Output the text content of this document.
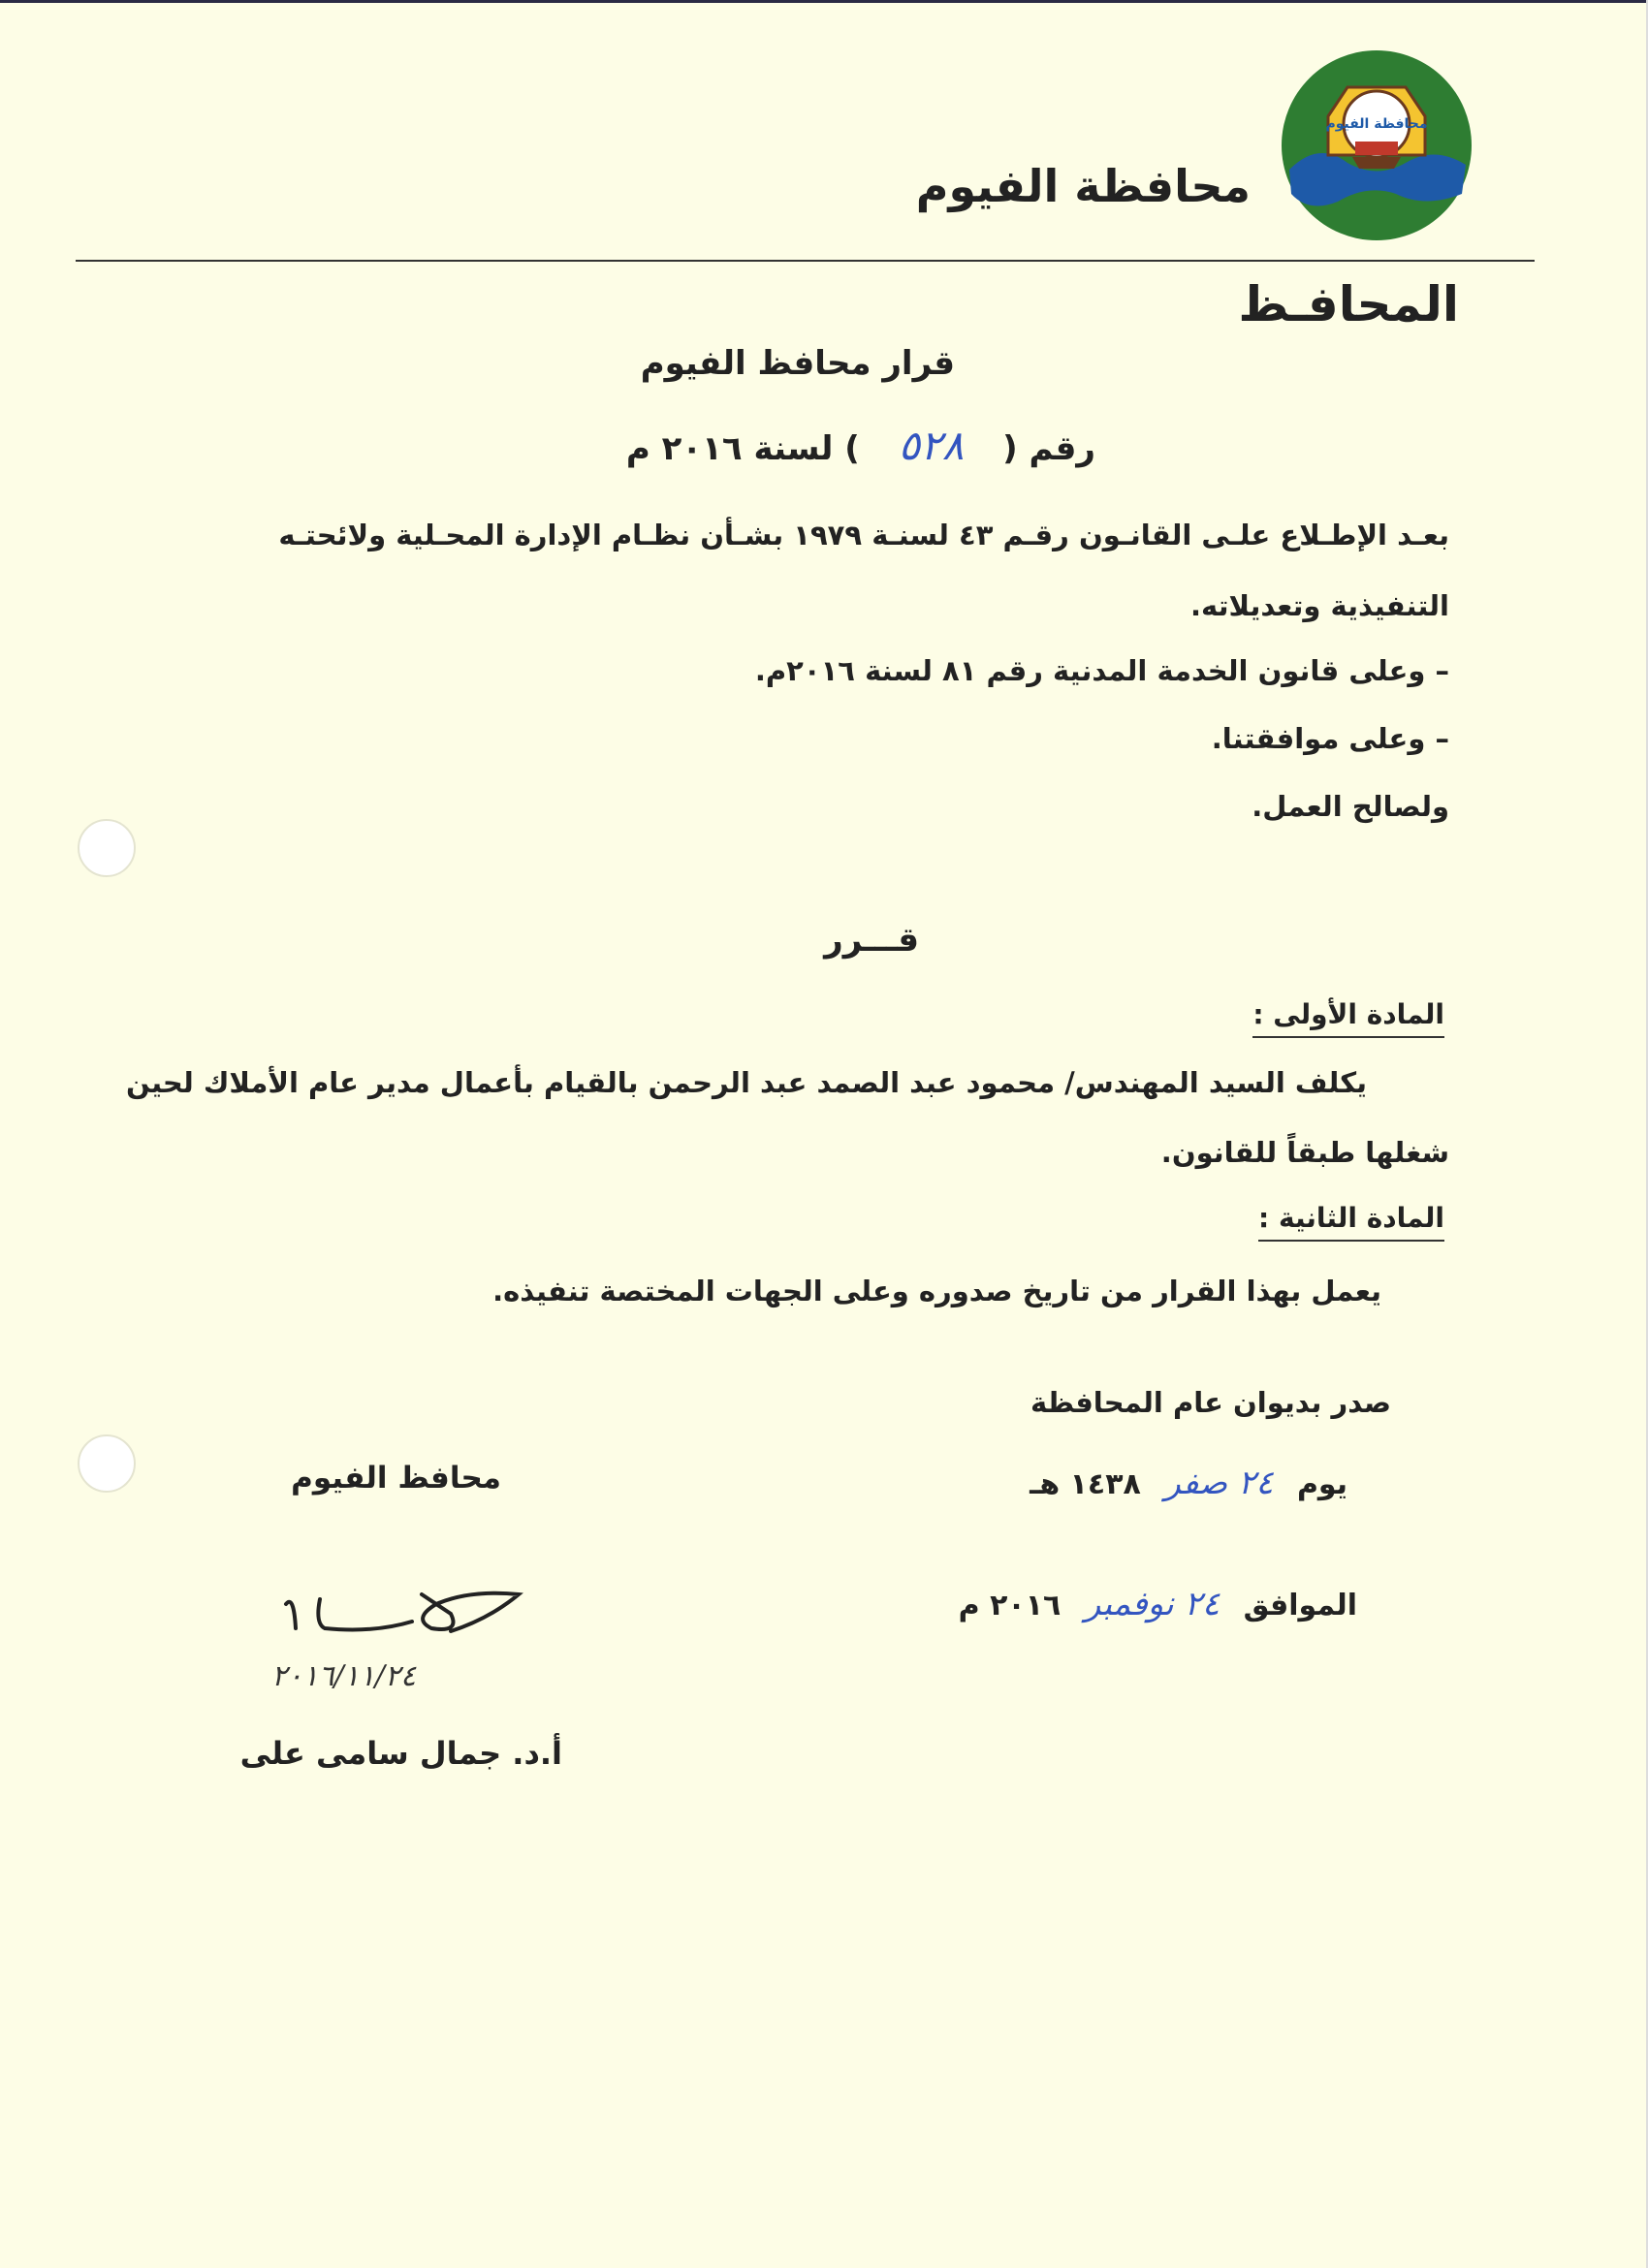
محافظة الفيوم
محافظة الفيوم
المحافـظ
قرار محافظ الفيوم
رقم ( ٥٢٨ ) لسنة ٢٠١٦ م
بعـد الإطـلاع علـى القانـون رقـم ٤٣ لسنـة ١٩٧٩ بشـأن نظـام الإدارة المحـلية ولائحتـه
التنفيذية وتعديلاته.
– وعلى قانون الخدمة المدنية رقم ٨١ لسنة ٢٠١٦م.
– وعلى موافقتنا.
ولصالح العمل.
قـــرر
المادة الأولى :
يكلف السيد المهندس/ محمود عبد الصمد عبد الرحمن بالقيام بأعمال مدير عام الأملاك لحين
شغلها طبقاً للقانون.
المادة الثانية :
يعمل بهذا القرار من تاريخ صدوره وعلى الجهات المختصة تنفيذه.
صدر بديوان عام المحافظة
يوم ٢٤ صفر ١٤٣٨ هـ
الموافق ٢٤ نوفمبر ٢٠١٦ م
محافظ الفيوم
٢٠١٦/١١/٢٤
أ.د. جمال سامى على
